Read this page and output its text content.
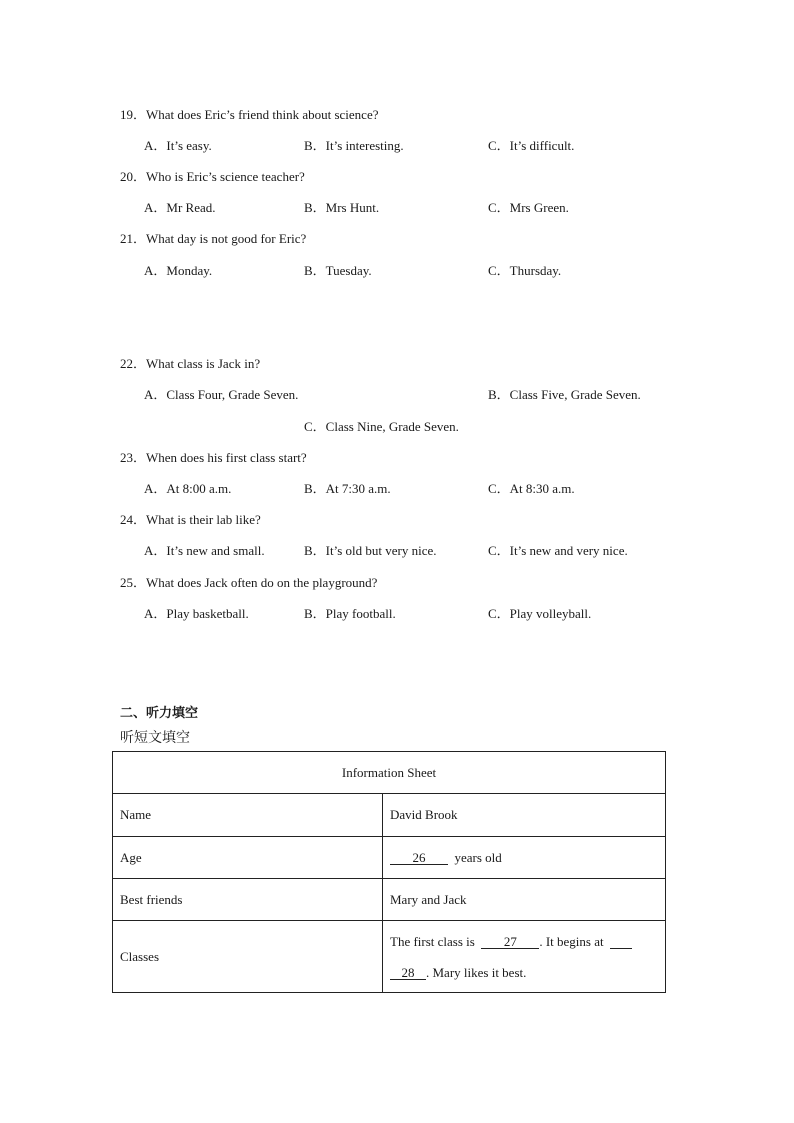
19．What does Eric’s friend think about science?
A．It’s easy.	B．It’s interesting.	C．It’s difficult.
20．Who is Eric’s science teacher?
A．Mr Read.	B．Mrs Hunt.	C．Mrs Green.
21．What day is not good for Eric?
A．Monday.	B．Tuesday.	C．Thursday.
22．What class is Jack in?
A．Class Four, Grade Seven.	B．Class Five, Grade Seven.
C．Class Nine, Grade Seven.
23．When does his first class start?
A．At 8:00 a.m.	B．At 7:30 a.m.	C．At 8:30 a.m.
24．What is their lab like?
A．It’s new and small.	B．It’s old but very nice.	C．It’s new and very nice.
25．What does Jack often do on the playground?
A．Play basketball.	B．Play football.	C．Play volleyball.
二、听力填空
听短文填空
Information Sheet	
Name	David Brook
Age	26 years old
Best friends	Mary and Jack
Classes	The first class is 27 . It begins at
28 . Mary likes it best.
